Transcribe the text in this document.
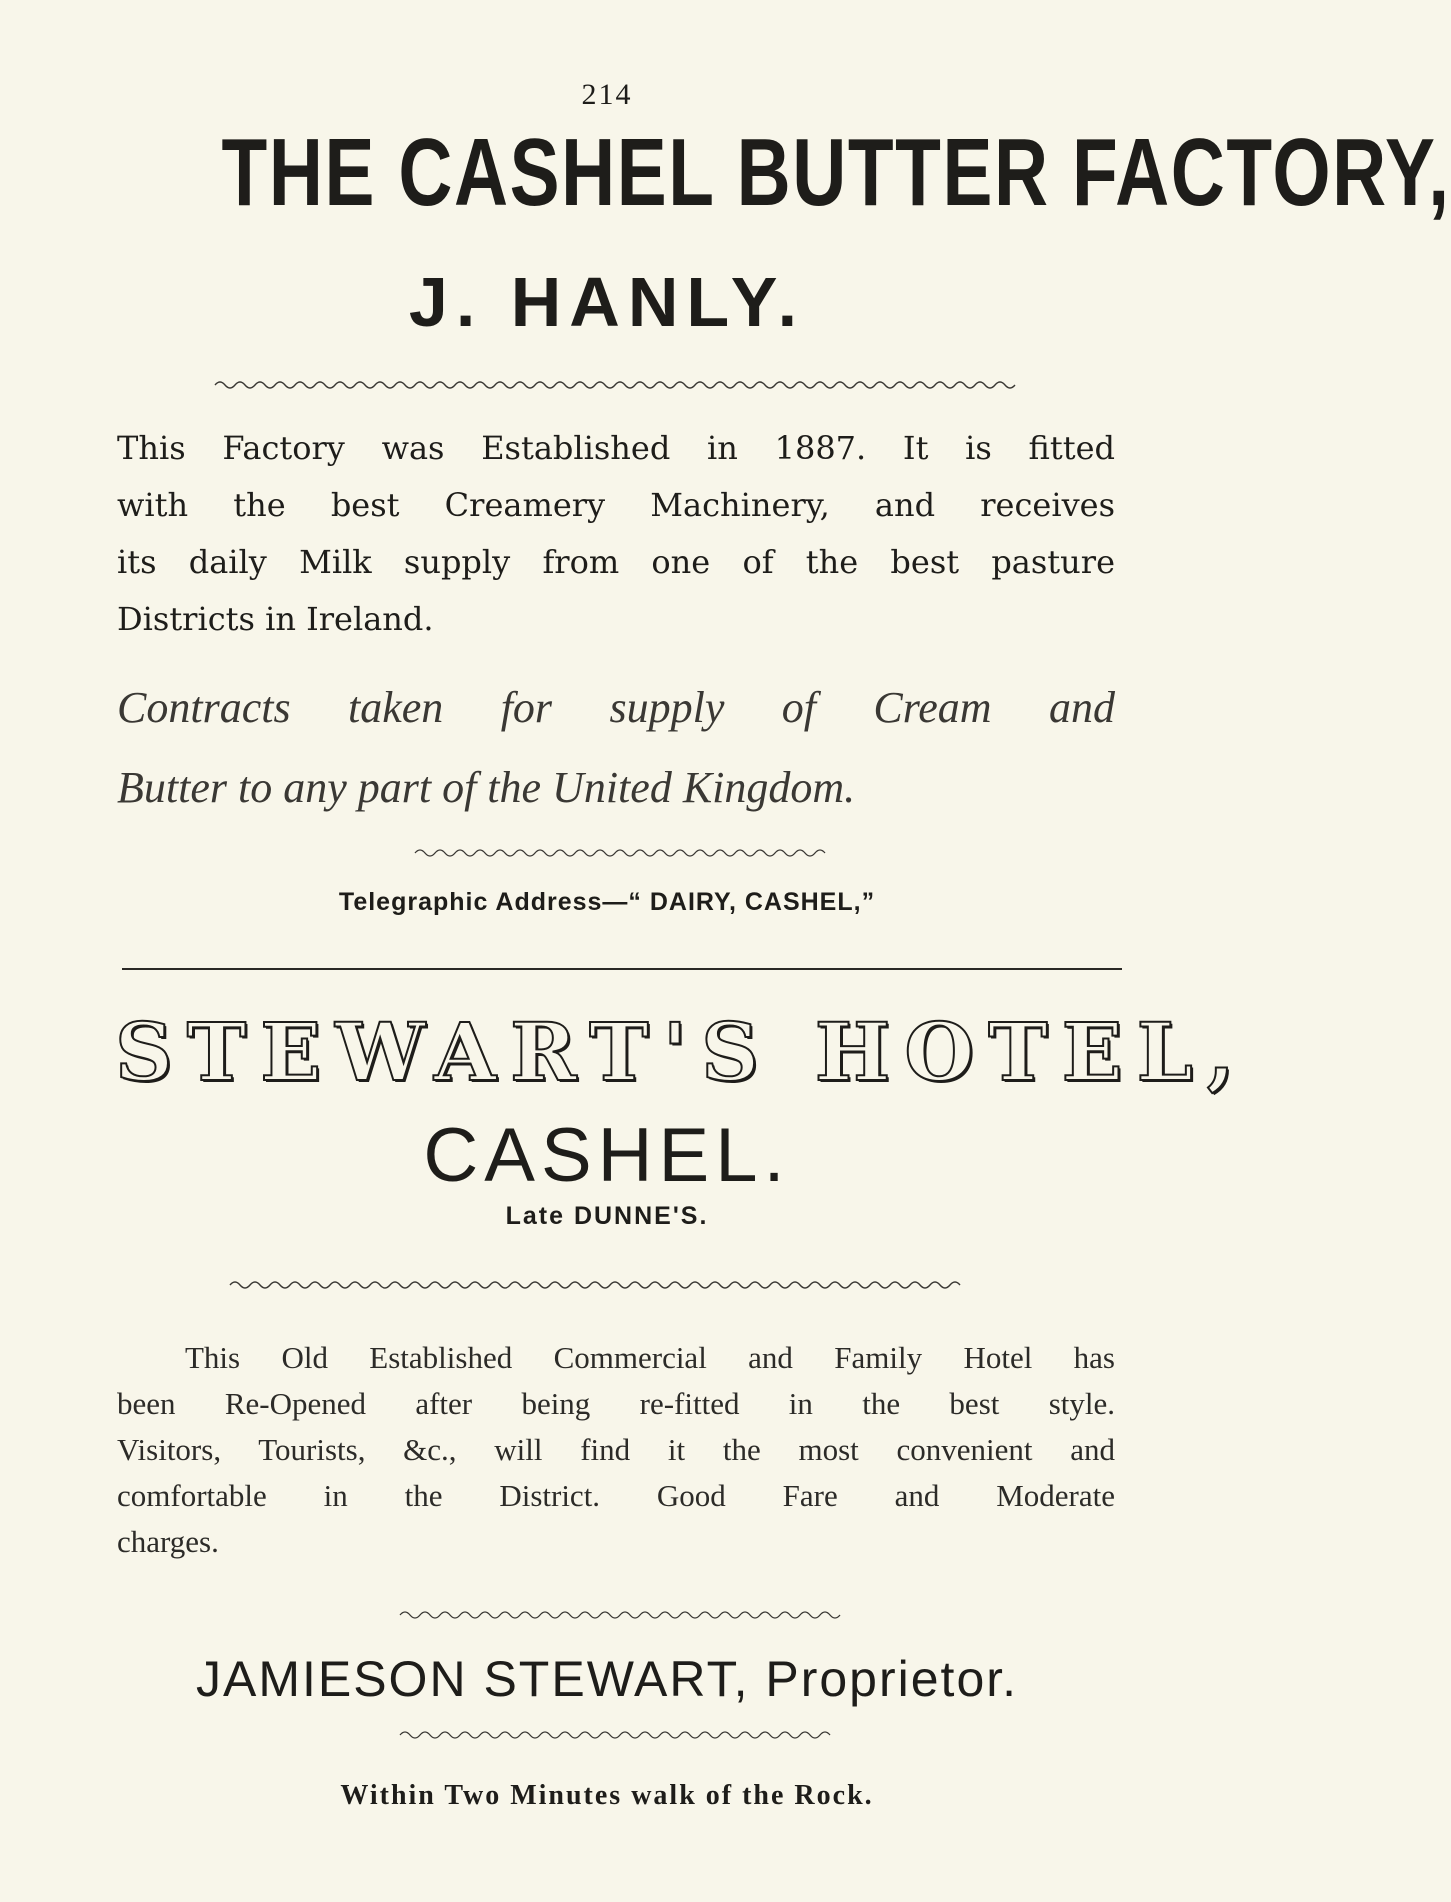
214
THE CASHEL BUTTER FACTORY,
J. HANLY.
This Factory was Established in 1887. It is fitted
with the best Creamery Machinery, and receives
its daily Milk supply from one of the best pasture
Districts in Ireland.
Contracts taken for supply of Cream and
Butter to any part of the United Kingdom.
Telegraphic Address—“ DAIRY, CASHEL,”
STEWART'S HOTEL,
CASHEL.
Late DUNNE'S.
This Old Established Commercial and Family Hotel has
been Re-Opened after being re-fitted in the best style.
Visitors, Tourists, &c., will find it the most convenient and
comfortable in the District. Good Fare and Moderate
charges.
JAMIESON STEWART, Proprietor.
Within Two Minutes walk of the Rock.
